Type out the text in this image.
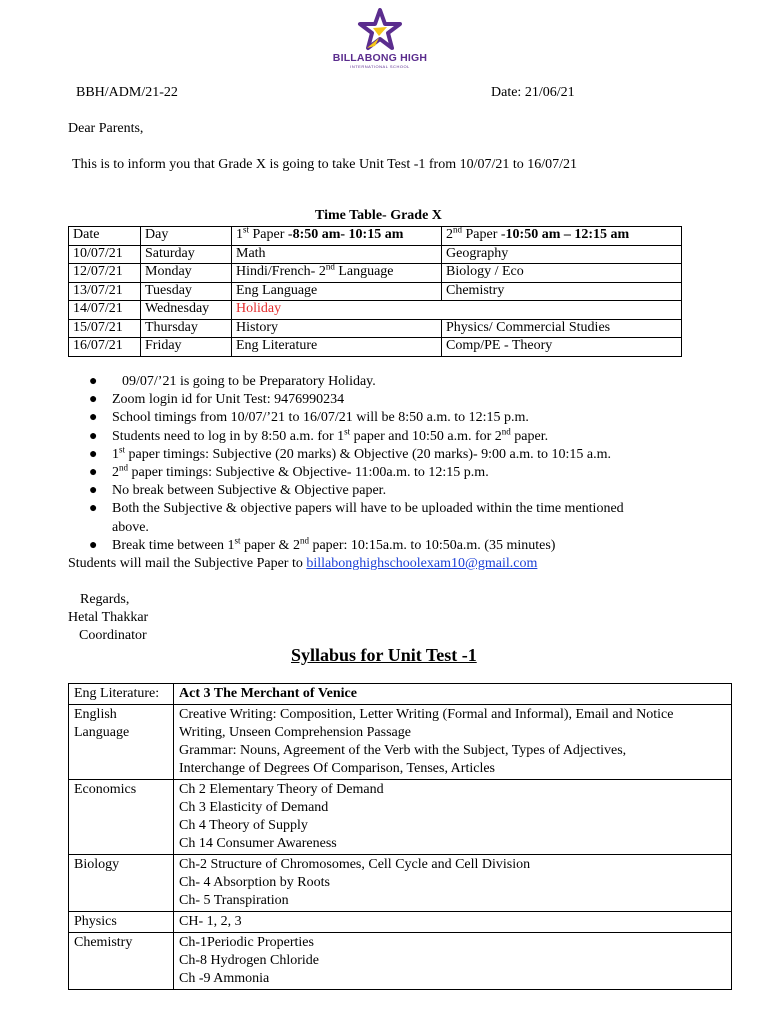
BILLABONG HIGH
INTERNATIONAL SCHOOL
BBH/ADM/21-22	Date: 21/06/21
Dear Parents,
This is to inform you that Grade X is going to take Unit Test -1 from 10/07/21 to 16/07/21
Time Table- Grade X
Date	Day	1st Paper -8:50 am- 10:15 am	2nd Paper -10:50 am – 12:15 am
10/07/21	Saturday	Math	Geography
12/07/21	Monday	Hindi/French- 2nd Language	Biology / Eco
13/07/21	Tuesday	Eng Language	Chemistry
14/07/21	Wednesday	Holiday	
15/07/21	Thursday	History	Physics/ Commercial Studies
16/07/21	Friday	Eng Literature	Comp/PE - Theory
● 09/07/’21 is going to be Preparatory Holiday.
● Zoom login id for Unit Test: 9476990234
● School timings from 10/07/’21 to 16/07/21 will be 8:50 a.m. to 12:15 p.m.
● Students need to log in by 8:50 a.m. for 1st paper and 10:50 a.m. for 2nd paper.
● 1st paper timings: Subjective (20 marks) & Objective (20 marks)- 9:00 a.m. to 10:15 a.m.
● 2nd paper timings: Subjective & Objective- 11:00a.m. to 12:15 p.m.
● No break between Subjective & Objective paper.
● Both the Subjective & objective papers will have to be uploaded within the time mentioned
above.
● Break time between 1st paper & 2nd paper: 10:15a.m. to 10:50a.m. (35 minutes)
Students will mail the Subjective Paper to billabonghighschoolexam10@gmail.com
Regards,
Hetal Thakkar
Coordinator
Syllabus for Unit Test -1
Eng Literature:	Act 3 The Merchant of Venice

English Language	Creative Writing: Composition, Letter Writing (Formal and Informal), Email and Notice
Writing, Unseen Comprehension Passage
Grammar: Nouns, Agreement of the Verb with the Subject, Types of Adjectives,
Interchange of Degrees Of Comparison, Tenses, Articles

Economics	Ch 2 Elementary Theory of Demand
Ch 3 Elasticity of Demand
Ch 4 Theory of Supply
Ch 14 Consumer Awareness

Biology	Ch-2 Structure of Chromosomes, Cell Cycle and Cell Division
Ch- 4 Absorption by Roots
Ch- 5 Transpiration

Physics	CH- 1, 2, 3

Chemistry	Ch-1Periodic Properties
Ch-8 Hydrogen Chloride
Ch -9 Ammonia
